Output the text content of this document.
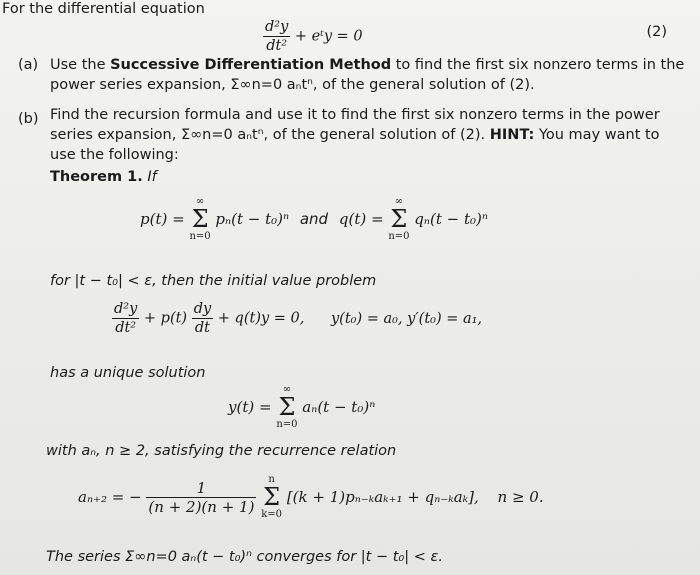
For the differential equation
$\frac{\text{d²y}}{\text{dt²}}$ + eᵗy = 0	(2)
(a) Use the Successive Differentiation Method to find the first six nonzero terms in the
power series expansion, Σ∞n=0 aₙtⁿ, of the general solution of (2).
(b) Find the recursion formula and use it to find the first six nonzero terms in the power
series expansion, Σ∞n=0 aₙtⁿ, of the general solution of (2). HINT: You may want to
use the following:
Theorem 1. If
p(t) =
∞
Σ
n=0
pₙ(t − t₀)ⁿ and q(t) =
∞
Σ
n=0
qₙ(t − t₀)ⁿ
for |t − t₀| < ε, then the initial value problem
$\frac{\text{d²y}}{\text{dt²}} + p(t) \frac{dy}{dt} + q(t)y = 0$, y(t₀) = a₀, y′(t₀) = a₁,
has a unique solution
y(t) =
∞
Σ
n=0
aₙ(t − t₀)ⁿ
with aₙ, n ≥ 2, satisfying the recurrence relation
aₙ₊₂ = − $\frac{1}{(n + 2)(n + 1)}$
	n
Σ
k=0
[(k + 1)pₙ₋ₖaₖ₊₁ + qₙ₋ₖaₖ], n ≥ 0.
The series Σ∞n=0 aₙ(t − t₀)ⁿ converges for |t − t₀| < ε.
